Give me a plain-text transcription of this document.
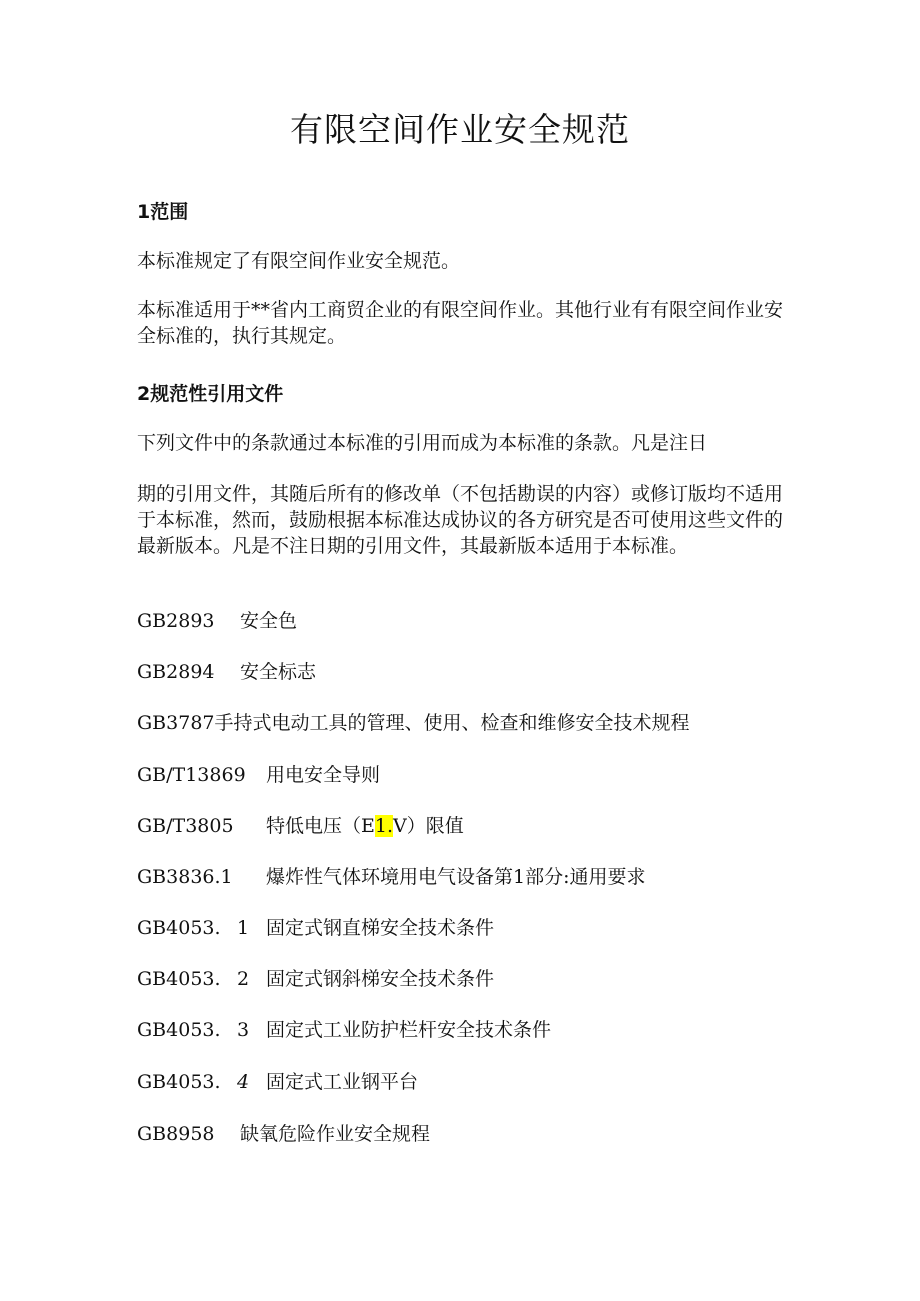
有限空间作业安全规范
1范围

本标准规定了有限空间作业安全规范。

本标准适用于**省内工商贸企业的有限空间作业。其他行业有有限空间作业安全标准的，执行其规定。

2规范性引用文件

下列文件中的条款通过本标准的引用而成为本标准的条款。凡是注日

期的引用文件，其随后所有的修改单（不包括勘误的内容）或修订版均不适用于本标准，然而，鼓励根据本标准达成协议的各方研究是否可使用这些文件的最新版本。凡是不注日期的引用文件，其最新版本适用于本标准。

GB2893 安全色
GB2894 安全标志
GB3787手持式电动工具的管理、使用、检查和维修安全技术规程
GB/T13869 用电安全导则
GB/T3805 特低电压（E1.V）限值
GB3836.1 爆炸性气体环境用电气设备第1部分:通用要求
GB4053. 1 固定式钢直梯安全技术条件
GB4053. 2 固定式钢斜梯安全技术条件
GB4053. 3 固定式工业防护栏杆安全技术条件
GB4053. 4 固定式工业钢平台
GB8958 缺氧危险作业安全规程
